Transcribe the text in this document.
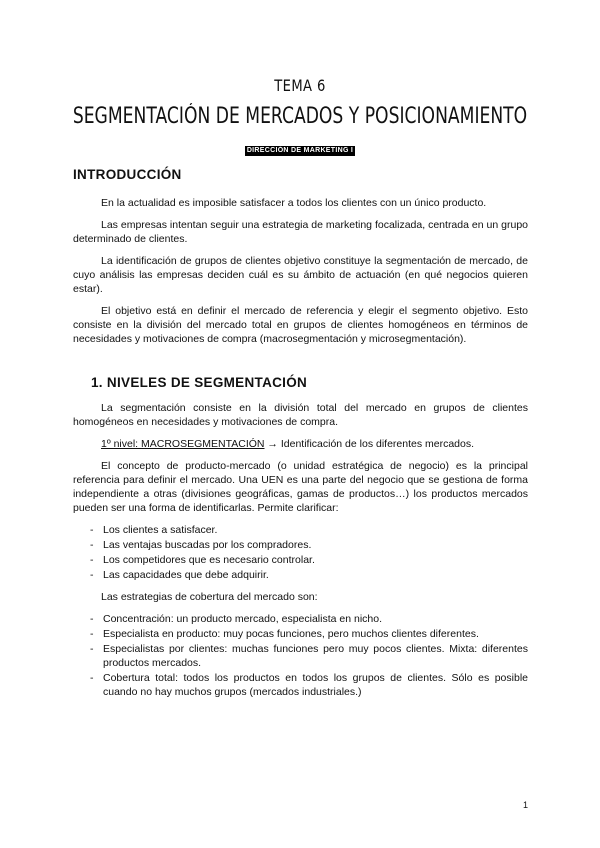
TEMA 6
SEGMENTACIÓN DE MERCADOS Y POSICIONAMIENTO
DIRECCIÓN DE MARKETING I
INTRODUCCIÓN

En la actualidad es imposible satisfacer a todos los clientes con un único producto.

Las empresas intentan seguir una estrategia de marketing focalizada, centrada en un grupo determinado de clientes.

La identificación de grupos de clientes objetivo constituye la segmentación de mercado, de cuyo análisis las empresas deciden cuál es su ámbito de actuación (en qué negocios quieren estar).

El objetivo está en definir el mercado de referencia y elegir el segmento objetivo. Esto consiste en la división del mercado total en grupos de clientes homogéneos en términos de necesidades y motivaciones de compra (macrosegmentación y microsegmentación).

1. NIVELES DE SEGMENTACIÓN

La segmentación consiste en la división total del mercado en grupos de clientes homogéneos en necesidades y motivaciones de compra.

1º nivel: MACROSEGMENTACIÓN → Identificación de los diferentes mercados.

El concepto de producto-mercado (o unidad estratégica de negocio) es la principal referencia para definir el mercado. Una UEN es una parte del negocio que se gestiona de forma independiente a otras (divisiones geográficas, gamas de productos…) los productos mercados pueden ser una forma de identificarlas. Permite clarificar:

- Los clientes a satisfacer.
- Las ventajas buscadas por los compradores.
- Los competidores que es necesario controlar.
- Las capacidades que debe adquirir.
Las estrategias de cobertura del mercado son:
- Concentración: un producto mercado, especialista en nicho.
- Especialista en producto: muy pocas funciones, pero muchos clientes diferentes.
- Especialistas por clientes: muchas funciones pero muy pocos clientes. Mixta: diferentes productos mercados.
- Cobertura total: todos los productos en todos los grupos de clientes. Sólo es posible cuando no hay muchos grupos (mercados industriales.)
1
